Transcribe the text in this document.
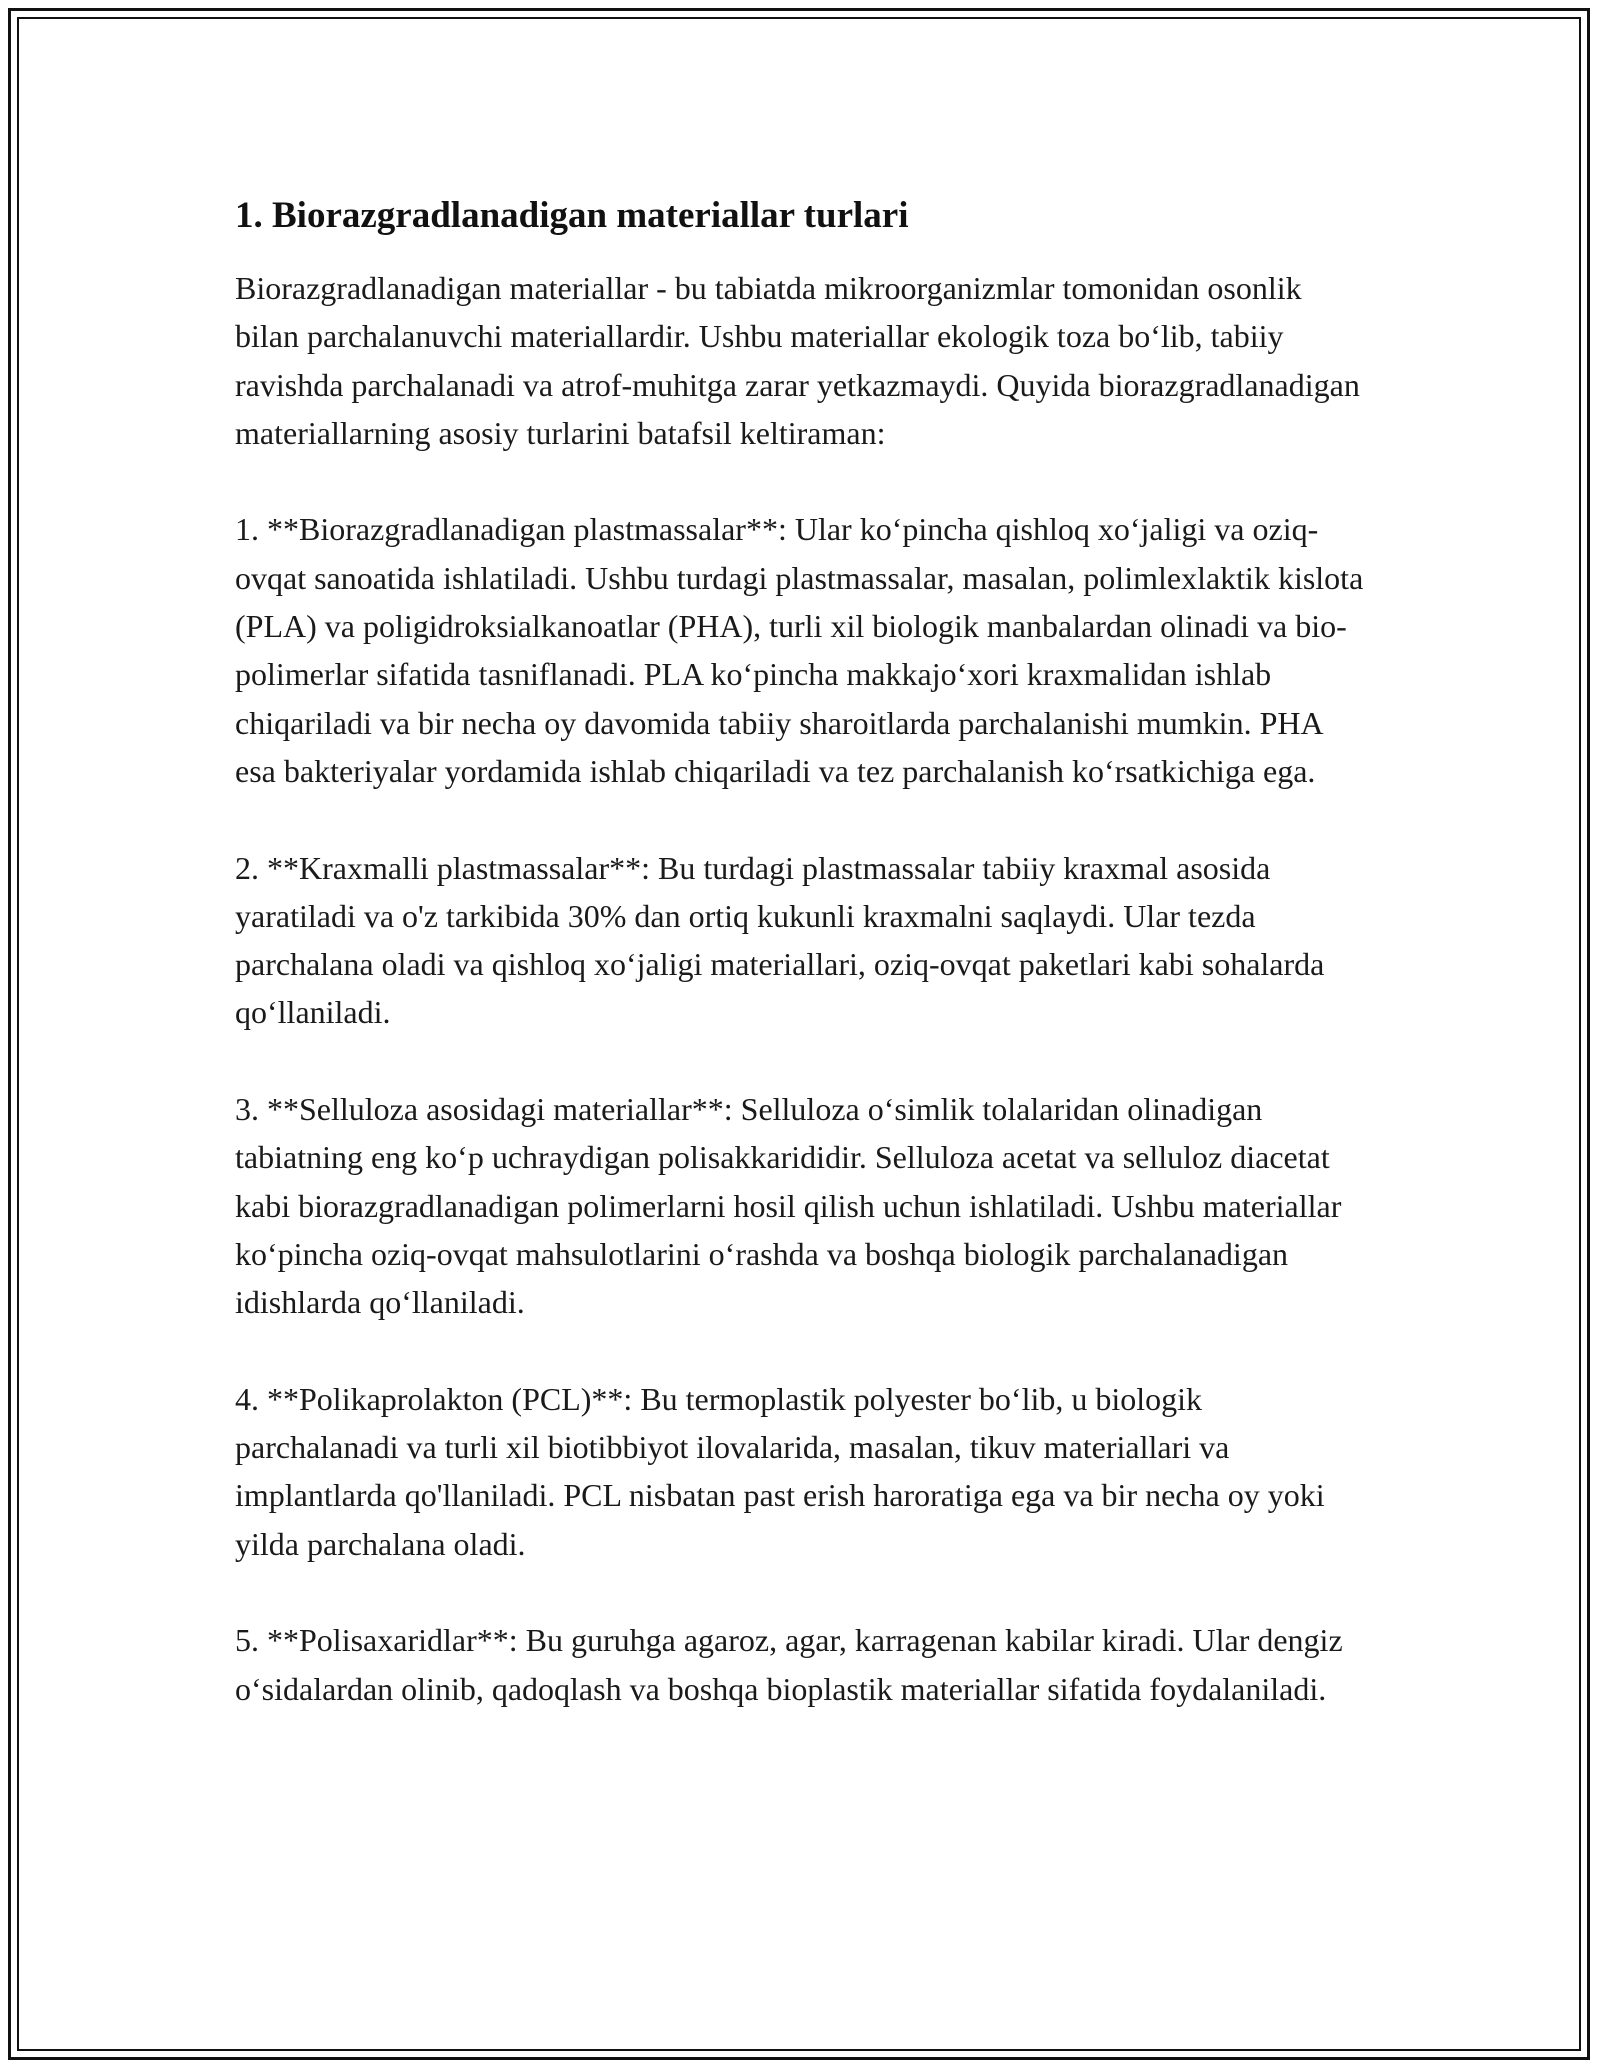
1. Biorazgradlanadigan materiallar turlari

Biorazgradlanadigan materiallar - bu tabiatda mikroorganizmlar tomonidan osonlik bilan parchalanuvchi materiallardir. Ushbu materiallar ekologik toza bo‘lib, tabiiy ravishda parchalanadi va atrof-muhitga zarar yetkazmaydi. Quyida biorazgradlanadigan materiallarning asosiy turlarini batafsil keltiraman:

1. **Biorazgradlanadigan plastmassalar**: Ular ko‘pincha qishloq xo‘jaligi va oziq-ovqat sanoatida ishlatiladi. Ushbu turdagi plastmassalar, masalan, polimlexlaktik kislota (PLA) va poligidroksialkanoatlar (PHA), turli xil biologik manbalardan olinadi va bio-polimerlar sifatida tasniflanadi. PLA ko‘pincha makkajo‘xori kraxmalidan ishlab chiqariladi va bir necha oy davomida tabiiy sharoitlarda parchalanishi mumkin. PHA esa bakteriyalar yordamida ishlab chiqariladi va tez parchalanish ko‘rsatkichiga ega.

2. **Kraxmalli plastmassalar**: Bu turdagi plastmassalar tabiiy kraxmal asosida yaratiladi va o'z tarkibida 30% dan ortiq kukunli kraxmalni saqlaydi. Ular tezda parchalana oladi va qishloq xo‘jaligi materiallari, oziq-ovqat paketlari kabi sohalarda qo‘llaniladi.

3. **Selluloza asosidagi materiallar**: Selluloza o‘simlik tolalaridan olinadigan tabiatning eng ko‘p uchraydigan polisakkarididir. Selluloza acetat va selluloz diacetat kabi biorazgradlanadigan polimerlarni hosil qilish uchun ishlatiladi. Ushbu materiallar ko‘pincha oziq-ovqat mahsulotlarini o‘rashda va boshqa biologik parchalanadigan idishlarda qo‘llaniladi.

4. **Polikaprolakton (PCL)**: Bu termoplastik polyester bo‘lib, u biologik parchalanadi va turli xil biotibbiyot ilovalarida, masalan, tikuv materiallari va implantlarda qo'llaniladi. PCL nisbatan past erish haroratiga ega va bir necha oy yoki yilda parchalana oladi.

5. **Polisaxaridlar**: Bu guruhga agaroz, agar, karragenan kabilar kiradi. Ular dengiz o‘sidalardan olinib, qadoqlash va boshqa bioplastik materiallar sifatida foydalaniladi.
